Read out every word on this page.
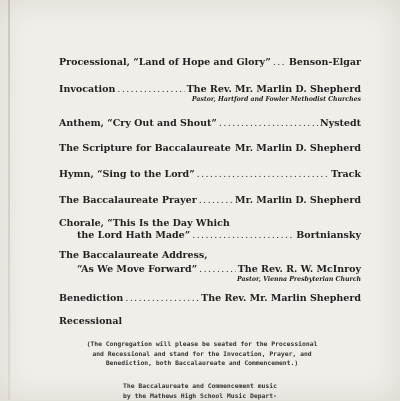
Processional, “Land of Hope and Glory” ..... Benson-Elgar
Invocation .....	The Rev. Mr. Marlin D. Shepherd
Pastor, Hartford and Fowler Methodist Churches
Anthem, “Cry Out and Shout” .....	Nystedt
The Scripture for Baccalaureate ..... Mr. Marlin D. Shepherd
Hymn, “Sing to the Lord” .....	Track
The Baccalaureate Prayer .....	Mr. Marlin D. Shepherd
Chorale, “This Is the Day Which
the Lord Hath Made” .....	Bortniansky
The Baccalaureate Address,
“As We Move Forward” .....	The Rev. R. W. McInroy
Pastor, Vienna Presbyterian Church
Benediction .....	The Rev. Mr. Marlin Shepherd
Recessional
(The Congregation will please be seated for the Processional
and Recessional and stand for the Invocation, Prayer, and
Benediction, both Baccalaureate and Commencement.)
The Baccalaureate and Commencement music
by the Mathews High School Music Depart-
